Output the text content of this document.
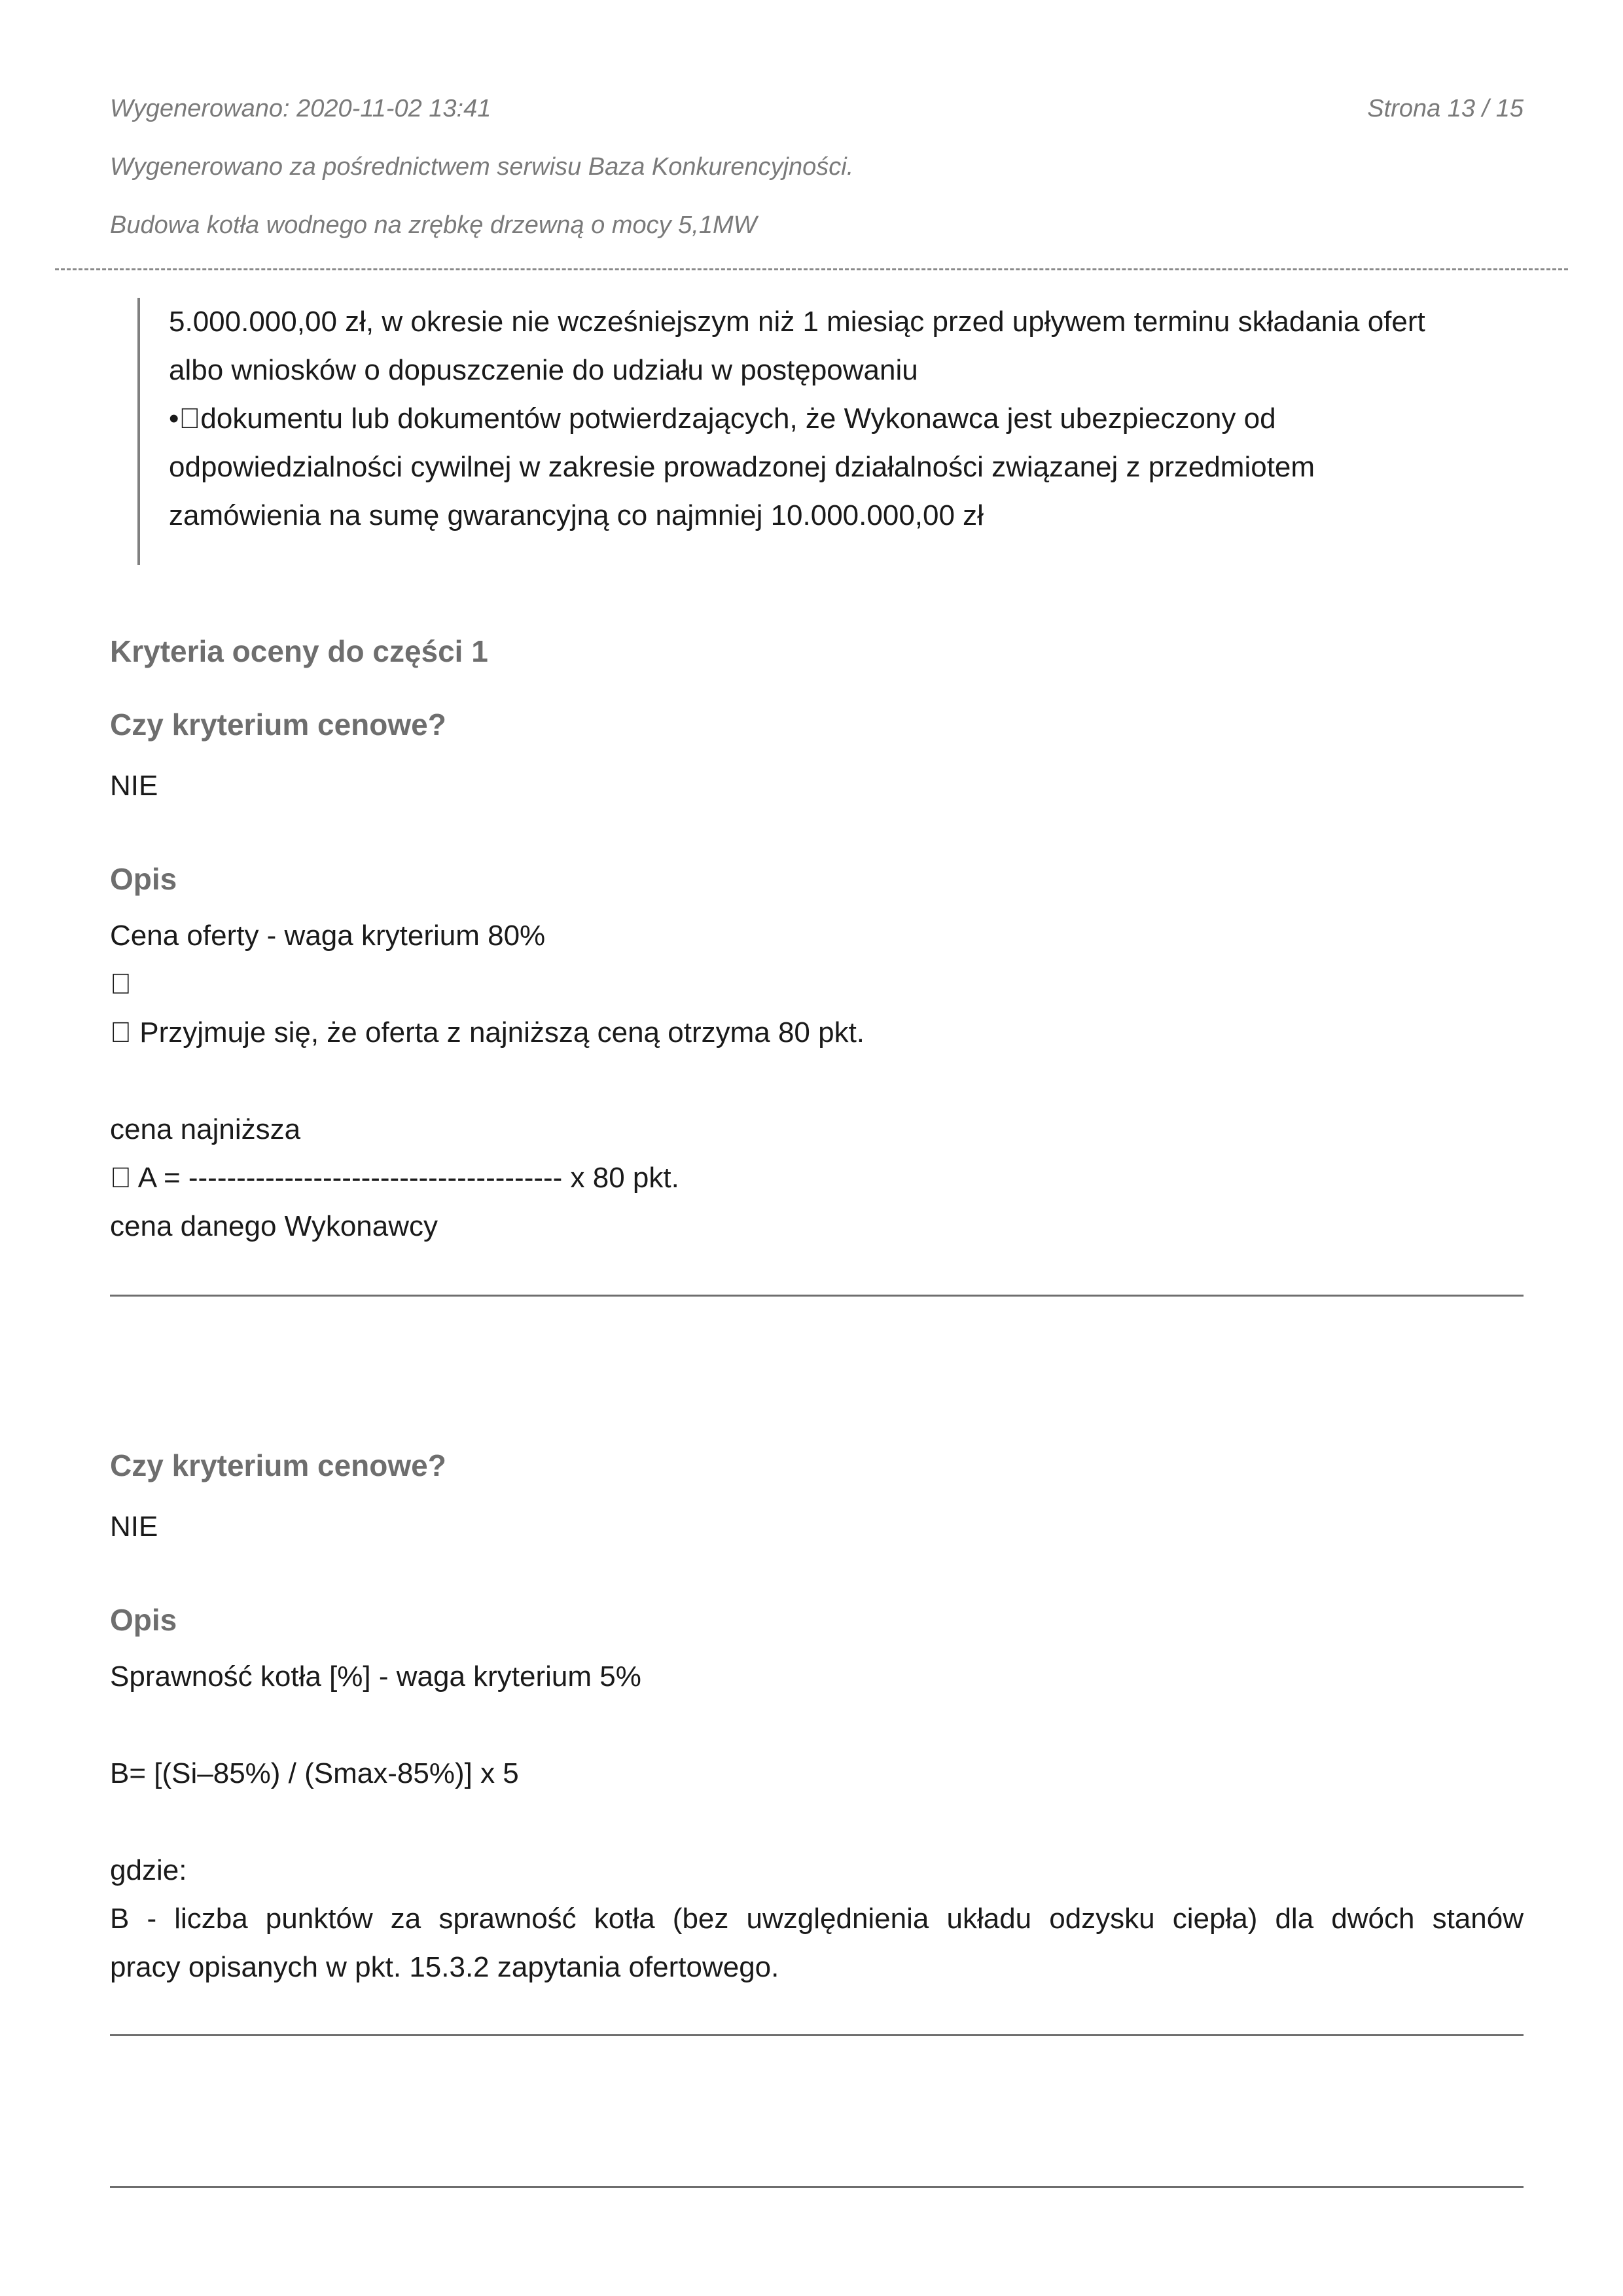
Wygenerowano: 2020-11-02 13:41	Strona 13 / 15
Wygenerowano za pośrednictwem serwisu Baza Konkurencyjności.
Budowa kotła wodnego na zrębkę drzewną o mocy 5,1MW
5.000.000,00 zł, w okresie nie wcześniejszym niż 1 miesiąc przed upływem terminu składania ofert
albo wniosków o dopuszczenie do udziału w postępowaniu
• dokumentu lub dokumentów potwierdzających, że Wykonawca jest ubezpieczony od
odpowiedzialności cywilnej w zakresie prowadzonej działalności związanej z przedmiotem
zamówienia na sumę gwarancyjną co najmniej 10.000.000,00 zł
Kryteria oceny do części 1
Czy kryterium cenowe?
NIE
Opis
Cena oferty - waga kryterium 80%
 
  Przyjmuje się, że oferta z najniższą ceną otrzyma 80 pkt.

cena najniższa
  A = --------------------------------------- x 80 pkt.
cena danego Wykonawcy
Czy kryterium cenowe?
NIE
Opis
Sprawność kotła [%] - waga kryterium 5%

B= [(Si–85%) / (Smax-85%)] x 5

gdzie:
B - liczba punktów za sprawność kotła (bez uwzględnienia układu odzysku ciepła) dla dwóch stanów
pracy opisanych w pkt. 15.3.2 zapytania ofertowego.
